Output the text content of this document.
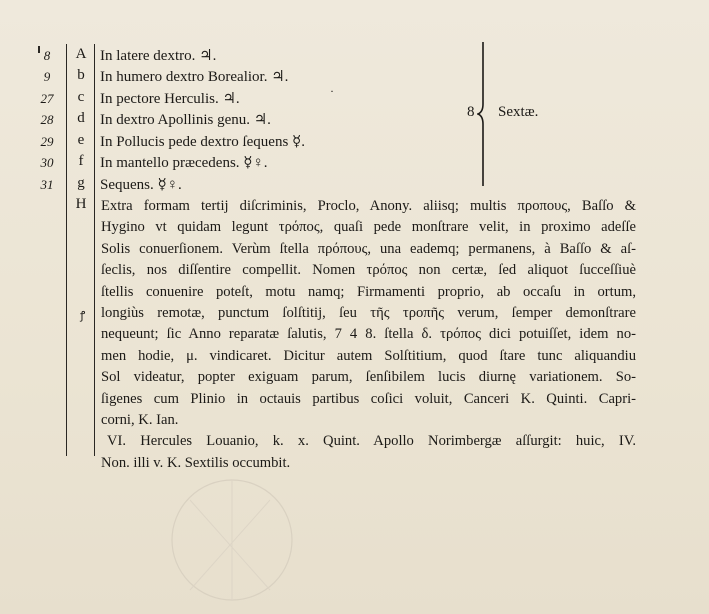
8	A In latere dextro. ♃.
9	b	In humero dextro Borealior. ♃.
27	c	In pectore Herculis. ♃.
28	d	In dextro Apollinis genu. ♃.
29	e	In Pollucis pede dextro ſequens ☿.
30	f	In mantello præcedens. ☿♀.
31	g	Sequens. ☿♀.
8 Sextæ.
H Extra formam tertij diſcriminis, Proclo, Anony. aliisq; multis προπους, Baſſo &
Hygino vt quidam legunt τρόπος, quaſi pede monſtrare velit, in proximo adeſſe
Solis conuerſionem. Verùm ſtella πρόπους, una eademq; permanens, à Baſſo & aſ-
ſeclis, nos diſſentire compellit. Nomen τρόπος non certæ, ſed aliquot ſucceſſiuè
ſtellis conuenire poteſt, motu namq; Firmamenti proprio, ab occaſu in ortum,
longiùs remotæ, punctum ſolſtitij, ſeu τῆς τροπῆς verum, ſemper demonſtrare
nequeunt; ſic Anno reparatæ ſalutis, 7 4 8. ſtella δ. τρόπος dici potuiſſet, idem no-
men hodie, μ. vindicaret. Dicitur autem Solſtitium, quod ſtare tunc aliquandiu
Sol videatur, popter exiguam parum, ſenſibilem lucis diurnę variationem. So-
ſigenes cum Plinio in octauis partibus coſici voluit, Canceri K. Quinti. Capri-
corni, K. Ian.
VI. Hercules Louanio, k. x. Quint. Apollo Norimbergæ aſſurgit: huic, IV.
Non. illi v. K. Sextilis occumbit.
·
ꝭ
